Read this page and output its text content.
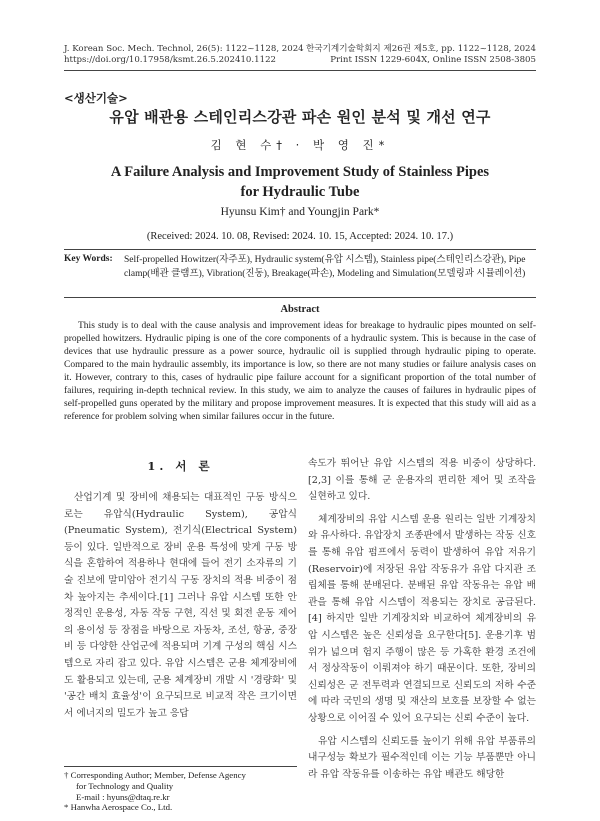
J. Korean Soc. Mech. Technol, 26(5): 1122~1128, 2024
https://doi.org/10.17958/ksmt.26.5.202410.1122
한국기계기술학회지 제26권 제5호, pp. 1122~1128, 2024
Print ISSN 1229-604X, Online ISSN 2508-3805
<생산기술>
유압 배관용 스테인리스강관 파손 원인 분석 및 개선 연구
김 현 수† · 박 영 진*
A Failure Analysis and Improvement Study of Stainless Pipes
for Hydraulic Tube
Hyunsu Kim† and Youngjin Park*
(Received: 2024. 10. 08, Revised: 2024. 10. 15, Accepted: 2024. 10. 17.)
Key Words: Self-propelled Howitzer(자주포), Hydraulic system(유압 시스템), Stainless pipe(스테인리스강관), Pipe clamp(배관 클램프), Vibration(진동), Breakage(파손), Modeling and Simulation(모델링과 시뮬레이션)
Abstract
This study is to deal with the cause analysis and improvement ideas for breakage to hydraulic pipes mounted on self-propelled howitzers. Hydraulic piping is one of the core components of a hydraulic system. This is because in the case of devices that use hydraulic pressure as a power source, hydraulic oil is supplied through hydraulic piping to operate. Compared to the main hydraulic assembly, its importance is low, so there are not many studies or failure analysis cases on it. However, contrary to this, cases of hydraulic pipe failure account for a significant proportion of the total number of failures, requiring in-depth technical review. In this study, we aim to analyze the causes of failures in hydraulic pipes of self-propelled guns operated by the military and propose improvement measures. It is expected that this study will aid as a reference for problem solving when similar failures occur in the future.
1. 서 론
산업기계 및 장비에 채용되는 대표적인 구동 방식으로는 유압식(Hydraulic System), 공압식(Pneumatic System), 전기식(Electrical System) 등이 있다. 일반적으로 장비 운용 특성에 맞게 구동 방식을 혼합하여 적용하나 현대에 들어 전기 소자류의 기술 진보에 말미암아 전기식 구동 장치의 적용 비중이 점차 높아지는 추세이다.[1] 그러나 유압 시스템 또한 안정적인 운용성, 자동 작동 구현, 직선 및 회전 운동 제어의 용이성 등 장점을 바탕으로 자동차, 조선, 항공, 중장비 등 다양한 산업군에 적용되며 기계 구성의 핵심 시스템으로 자리 잡고 있다. 유압 시스템은 군용 체계장비에도 활용되고 있는데, 군용 체계장비 개발 시 '경량화' 및 '공간 배치 효율성'이 요구되므로 비교적 작은 크기이면서 에너지의 밀도가 높고 응답

속도가 뛰어난 유압 시스템의 적용 비중이 상당하다.[2,3] 이를 통해 군 운용자의 편리한 제어 및 조작을 실현하고 있다.

체계장비의 유압 시스템 운용 원리는 일반 기계장치와 유사하다. 유압장치 조종판에서 발생하는 작동 신호를 통해 유압 펌프에서 동력이 발생하여 유압 저유기(Reservoir)에 저장된 유압 작동유가 유압 다지관 조립체를 통해 분배된다. 분배된 유압 작동유는 유압 배관을 통해 유압 시스템이 적용되는 장치로 공급된다.[4] 하지만 일반 기계장치와 비교하여 체계장비의 유압 시스템은 높은 신뢰성을 요구한다[5]. 운용기후 범위가 넓으며 험지 주행이 많은 등 가혹한 환경 조건에서 정상작동이 이뤄져야 하기 때문이다. 또한, 장비의 신뢰성은 군 전투력과 연결되므로 신뢰도의 저하 수준에 따라 국민의 생명 및 재산의 보호를 보장할 수 없는 상황으로 이어질 수 있어 요구되는 신뢰 수준이 높다.

유압 시스템의 신뢰도를 높이기 위해 유압 부품류의 내구성능 확보가 필수적인데 이는 기능 부품뿐만 아니라 유압 작동유를 이송하는 유압 배관도 해당한

† Corresponding Author; Member, Defense Agency
for Technology and Quality
E-mail : hyuns@dtaq.re.kr
* Hanwha Aerospace Co., Ltd.
